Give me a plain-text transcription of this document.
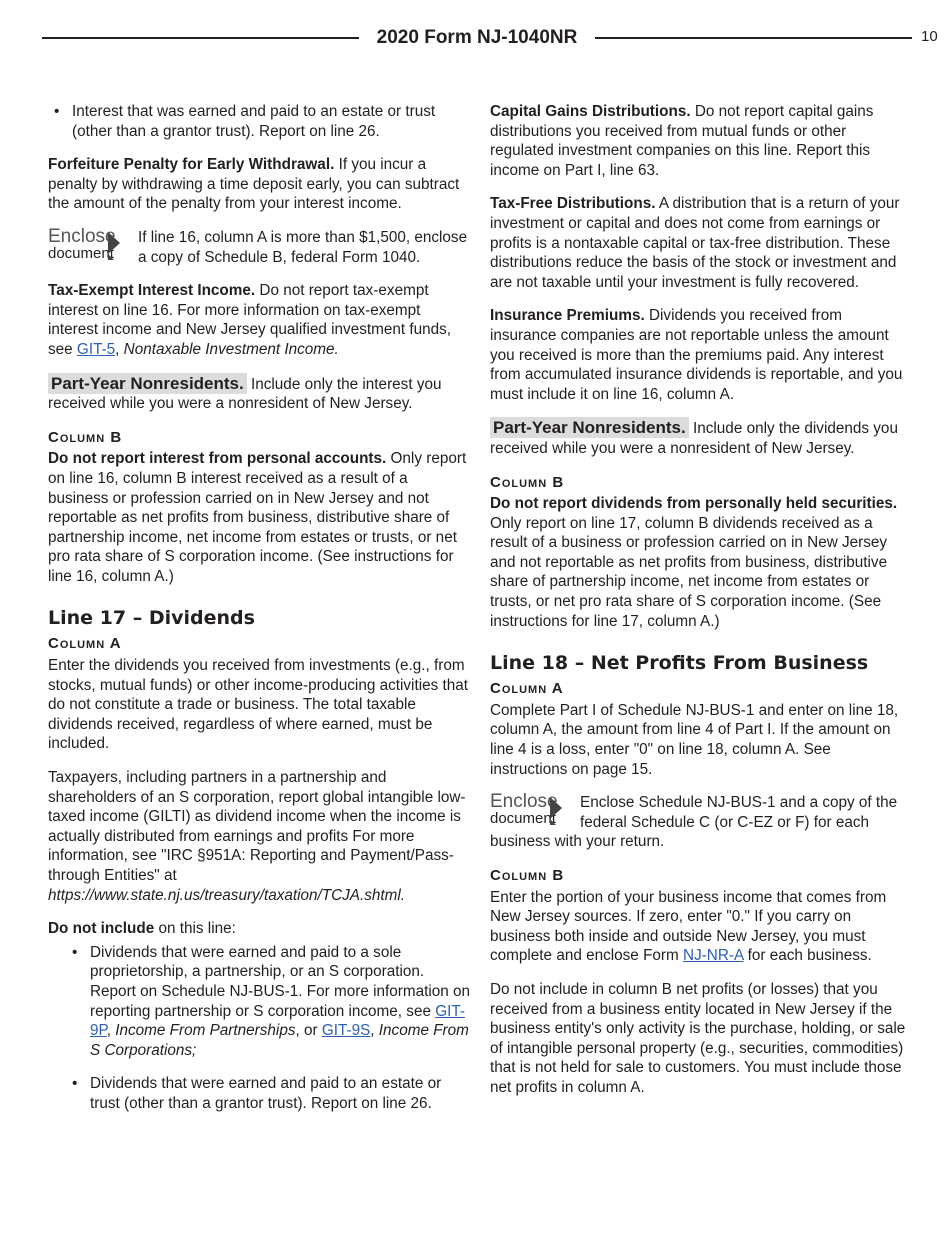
2020 Form NJ-1040NR	10
• Interest that was earned and paid to an estate or trust (other than a grantor trust). Report on line 26.
Forfeiture Penalty for Early Withdrawal. If you incur a penalty by withdrawing a time deposit early, you can subtract the amount of the penalty from your interest income.
Enclose
document
If line 16, column A is more than $1,500, enclose a copy of Schedule B, federal Form 1040.
Tax-Exempt Interest Income. Do not report tax-exempt interest on line 16. For more information on tax-exempt interest income and New Jersey qualified investment funds, see GIT-5, Nontaxable Investment Income.
Part-Year Nonresidents. Include only the interest you received while you were a nonresident of New Jersey.
Column B
Do not report interest from personal accounts. Only report on line 16, column B interest received as a result of a business or profession carried on in New Jersey and not reportable as net profits from business, distributive share of partnership income, net income from estates or trusts, or net pro rata share of S corporation income. (See instructions for line 16, column A.)
Line 17 – Dividends
Column A
Enter the dividends you received from investments (e.g., from stocks, mutual funds) or other income-producing activities that do not constitute a trade or business. The total taxable dividends received, regardless of where earned, must be included.
Taxpayers, including partners in a partnership and shareholders of an S corporation, report global intangible low-taxed income (GILTI) as dividend income when the income is actually distributed from earnings and profits For more information, see "IRC §951A: Reporting and Payment/Pass-through Entities" at https://www.state.nj.us/treasury/taxation/TCJA.shtml.
Do not include on this line:
• Dividends that were earned and paid to a sole proprietorship, a partnership, or an S corporation. Report on Schedule NJ-BUS-1. For more information on reporting partnership or S corporation income, see GIT-9P, Income From Partnerships, or GIT-9S, Income From S Corporations;
• Dividends that were earned and paid to an estate or trust (other than a grantor trust). Report on line 26.
Capital Gains Distributions. Do not report capital gains distributions you received from mutual funds or other regulated investment companies on this line. Report this income on Part I, line 63.
Tax-Free Distributions. A distribution that is a return of your investment or capital and does not come from earnings or profits is a nontaxable capital or tax-free distribution. These distributions reduce the basis of the stock or investment and are not taxable until your investment is fully recovered.
Insurance Premiums. Dividends you received from insurance companies are not reportable unless the amount you received is more than the premiums paid. Any interest from accumulated insurance dividends is reportable, and you must include it on line 16, column A.
Part-Year Nonresidents. Include only the dividends you received while you were a nonresident of New Jersey.
Column B
Do not report dividends from personally held securities. Only report on line 17, column B dividends received as a result of a business or profession carried on in New Jersey and not reportable as net profits from business, distributive share of partnership income, net income from estates or trusts, or net pro rata share of S corporation income. (See instructions for line 17, column A.)
Line 18 – Net Profits From Business
Column A
Complete Part I of Schedule NJ-BUS-1 and enter on line 18, column A, the amount from line 4 of Part I. If the amount on line 4 is a loss, enter "0" on line 18, column A. See instructions on page 15.
Enclose
document
Enclose Schedule NJ-BUS-1 and a copy of the federal Schedule C (or C-EZ or F) for each business with your return.
Column B
Enter the portion of your business income that comes from New Jersey sources. If zero, enter "0." If you carry on business both inside and outside New Jersey, you must complete and enclose Form NJ-NR-A for each business.
Do not include in column B net profits (or losses) that you received from a business entity located in New Jersey if the business entity's only activity is the purchase, holding, or sale of intangible personal property (e.g., securities, commodities) that is not held for sale to customers. You must include those net profits in column A.
